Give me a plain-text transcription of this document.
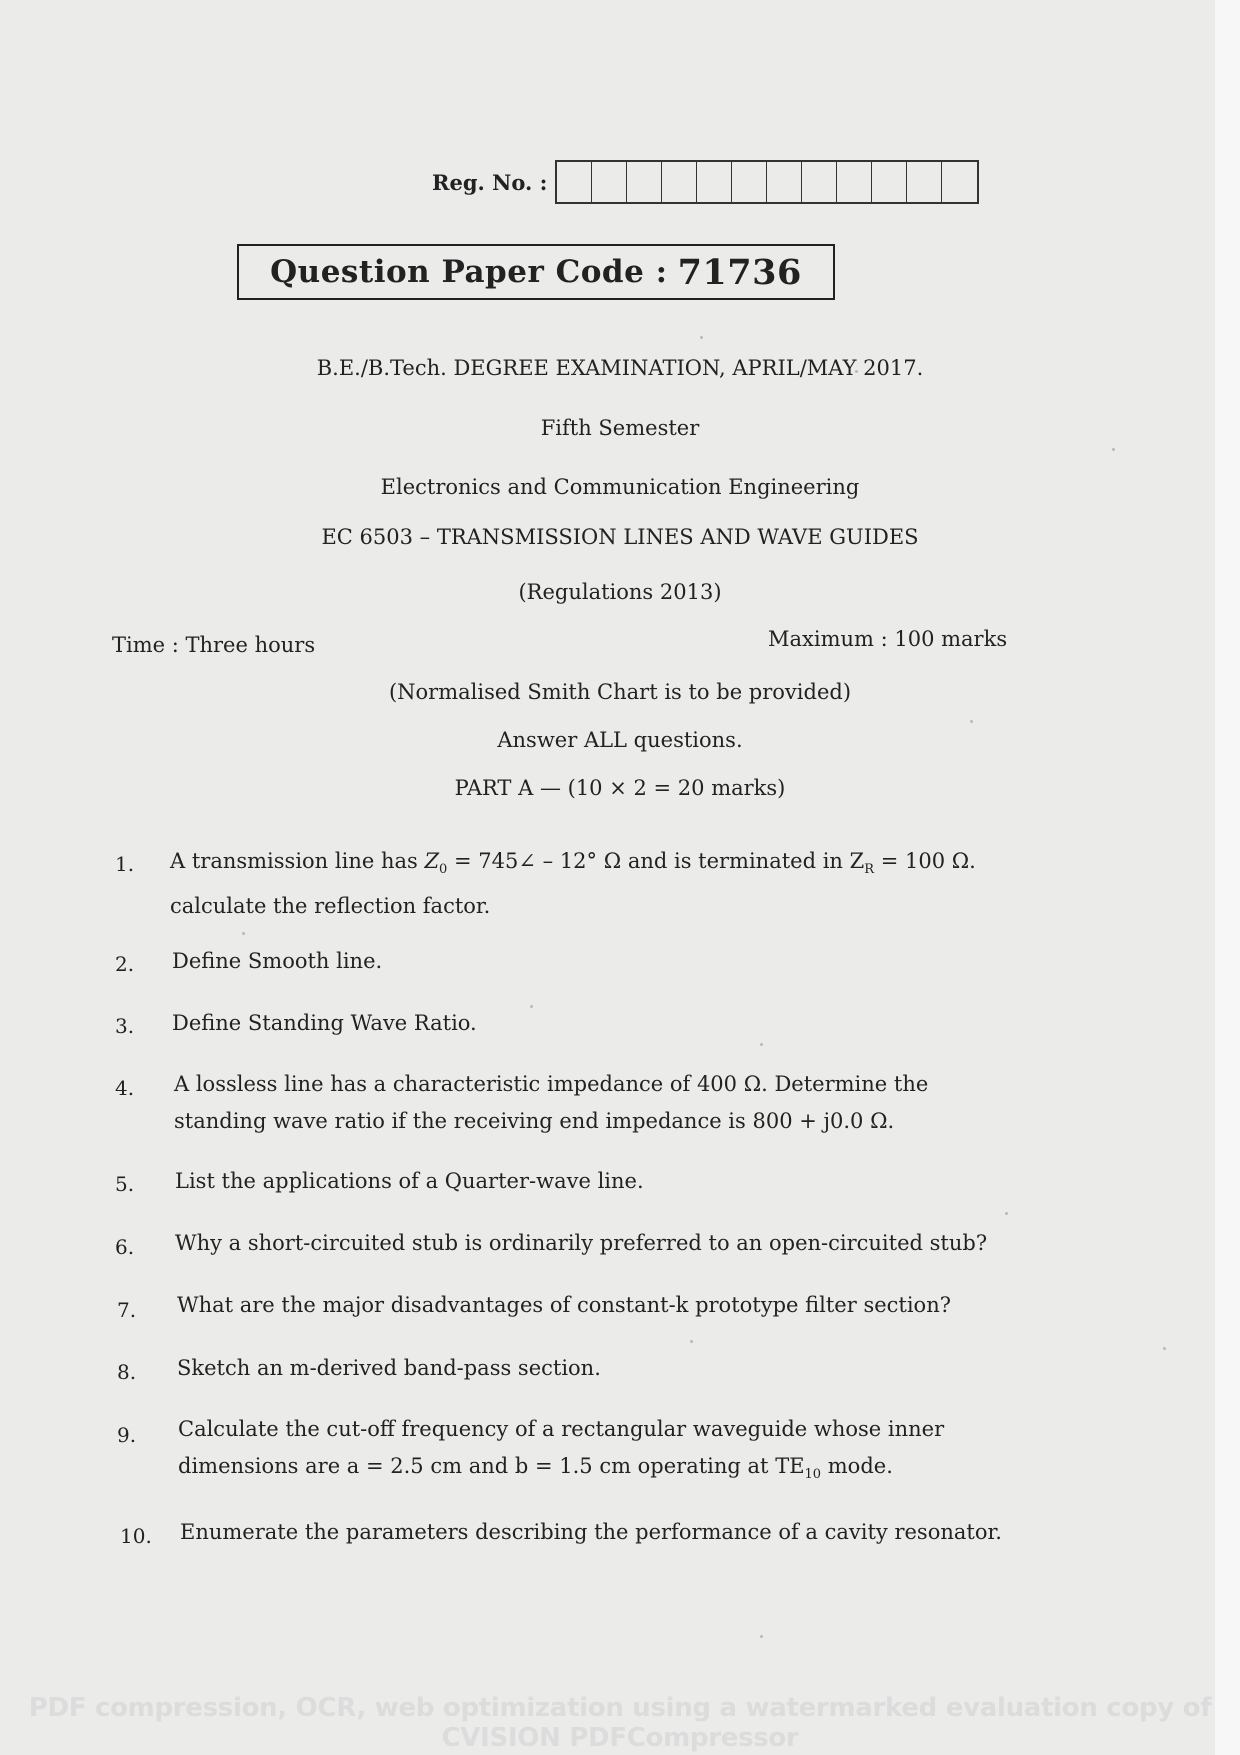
Reg. No. :
Question Paper Code : 71736
B.E./B.Tech. DEGREE EXAMINATION, APRIL/MAY 2017.
Fifth Semester
Electronics and Communication Engineering
EC 6503 – TRANSMISSION LINES AND WAVE GUIDES
(Regulations 2013)
Time : Three hours	Maximum : 100 marks
(Normalised Smith Chart is to be provided)
Answer ALL questions.
PART A — (10 × 2 = 20 marks)
1.	A transmission line has $Z_0$ = 745∠ – 12° Ω and is terminated in $Z_R = 100$ Ω.
calculate the reflection factor.
2.	Define Smooth line.
3.	Define Standing Wave Ratio.
4.	A lossless line has a characteristic impedance of 400 Ω. Determine the
standing wave ratio if the receiving end impedance is 800 + j0.0 Ω.
5.	List the applications of a Quarter-wave line.
6.	Why a short-circuited stub is ordinarily preferred to an open-circuited stub?
7.	What are the major disadvantages of constant-k prototype filter section?
8.	Sketch an m-derived band-pass section.
9.	Calculate the cut-off frequency of a rectangular waveguide whose inner
dimensions are a = 2.5 cm and b = 1.5 cm operating at $TE_{10}$ mode.
10.	Enumerate the parameters describing the performance of a cavity resonator.
PDF compression, OCR, web optimization using a watermarked evaluation copy of CVISION PDFCompressor
